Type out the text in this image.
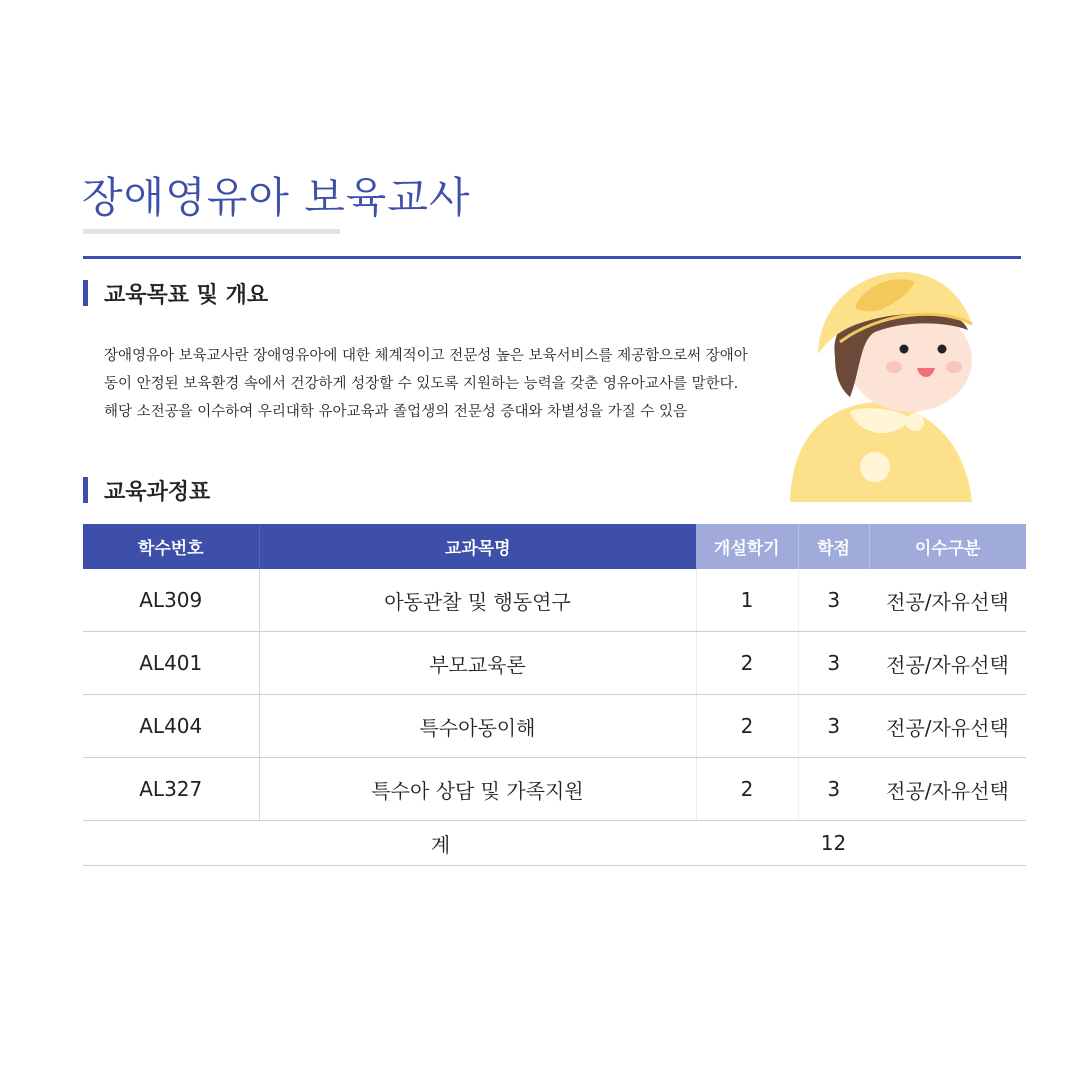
장애영유아 보육교사
교육목표 및 개요

장애영유아 보육교사란 장애영유아에 대한 체계적이고 전문성 높은 보육서비스를 제공함으로써 장애아동이 안정된 보육환경 속에서 건강하게 성장할 수 있도록 지원하는 능력을 갖춘 영유아교사를 말한다. 해당 소전공을 이수하여 우리대학 유아교육과 졸업생의 전문성 증대와 차별성을 가질 수 있음

교육과정표
학수번호	교과목명	개설학기	학점	이수구분
AL309	아동관찰 및 행동연구	1	3	전공/자유선택
AL401	부모교육론	2	3	전공/자유선택
AL404	특수아동이해	2	3	전공/자유선택
AL327	특수아 상담 및 가족지원	2	3	전공/자유선택
계			12	
